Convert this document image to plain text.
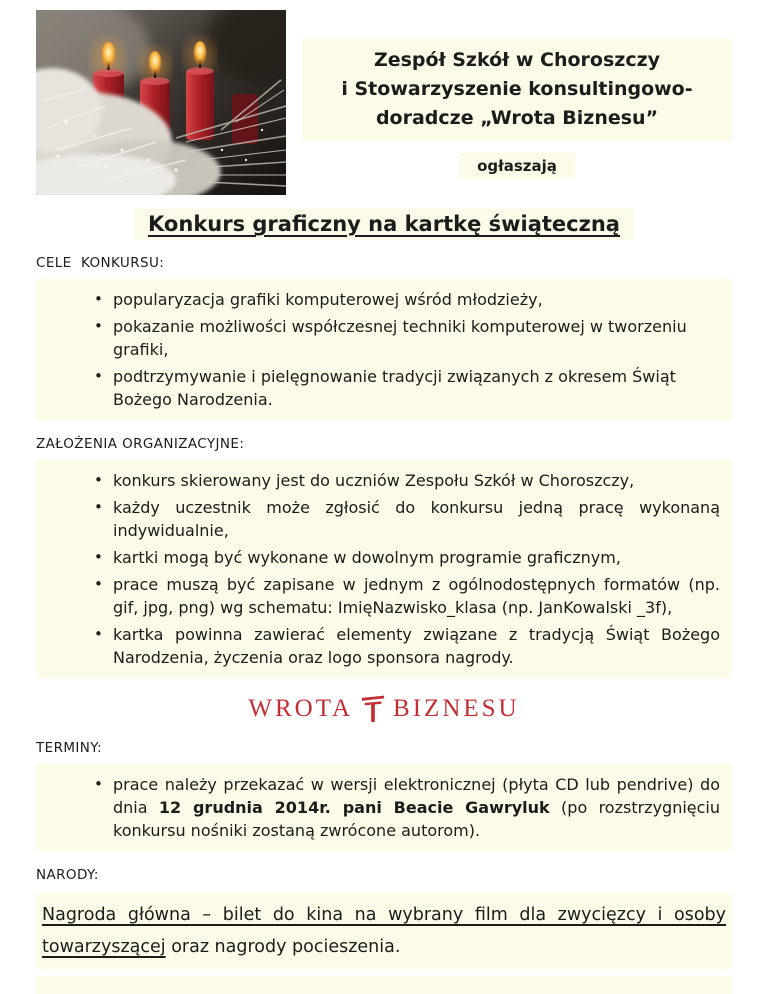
Zespół Szkół w Choroszczy
i Stowarzyszenie konsultingowo-
doradcze „Wrota Biznesu”
ogłaszają
Konkurs graficzny na kartkę świąteczną
CELE  KONKURSU:
• popularyzacja grafiki komputerowej wśród młodzieży,
• pokazanie możliwości współczesnej techniki komputerowej w tworzeniu grafiki,
• podtrzymywanie i pielęgnowanie tradycji związanych z okresem Świąt Bożego Narodzenia.
ZAŁOŻENIA ORGANIZACYJNE:
• konkurs skierowany jest do uczniów Zespołu Szkół w Choroszczy,
• każdy uczestnik może zgłosić do konkursu jedną pracę wykonaną indywidualnie,
• kartki mogą być wykonane w dowolnym programie graficznym,
• prace muszą być zapisane w jednym z ogólnodostępnych formatów (np. gif, jpg, png) wg schematu: ImięNazwisko_klasa (np. JanKowalski _3f),
• kartka powinna zawierać elementy związane z tradycją Świąt Bożego Narodzenia, życzenia oraz logo sponsora nagrody.
WROTA BIZNESU
TERMINY:
• prace należy przekazać w wersji elektronicznej (płyta CD lub pendrive) do dnia 12 grudnia 2014r. pani Beacie Gawryluk (po rozstrzygnięciu konkursu nośniki zostaną zwrócone autorom).
NARODY:

Nagroda główna – bilet do kina na wybrany film dla zwycięzcy i osoby towarzyszącej oraz nagrody pocieszenia.
